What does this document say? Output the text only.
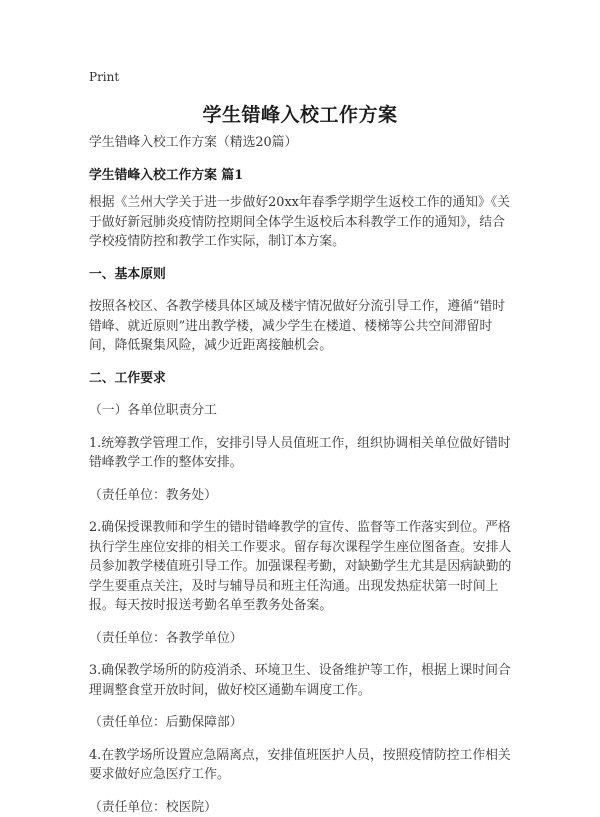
Print
学生错峰入校工作方案

学生错峰入校工作方案（精选20篇）

学生错峰入校工作方案 篇1

根据《兰州大学关于进一步做好20xx年春季学期学生返校工作的通知》《关于做好新冠肺炎疫情防控期间全体学生返校后本科教学工作的通知》，结合学校疫情防控和教学工作实际，制订本方案。

一、基本原则

按照各校区、各教学楼具体区域及楼宇情况做好分流引导工作，遵循“错时错峰、就近原则”进出教学楼，减少学生在楼道、楼梯等公共空间滞留时间，降低聚集风险，减少近距离接触机会。

二、工作要求

（一）各单位职责分工

1.统筹教学管理工作，安排引导人员值班工作，组织协调相关单位做好错时错峰教学工作的整体安排。

（责任单位：教务处）

2.确保授课教师和学生的错时错峰教学的宣传、监督等工作落实到位。严格执行学生座位安排的相关工作要求。留存每次课程学生座位图备查。安排人员参加教学楼值班引导工作。加强课程考勤，对缺勤学生尤其是因病缺勤的学生要重点关注，及时与辅导员和班主任沟通。出现发热症状第一时间上报。每天按时报送考勤名单至教务处备案。

（责任单位：各教学单位）

3.确保教学场所的防疫消杀、环境卫生、设备维护等工作，根据上课时间合理调整食堂开放时间，做好校区通勤车调度工作。

（责任单位：后勤保障部）

4.在教学场所设置应急隔离点，安排值班医护人员，按照疫情防控工作相关要求做好应急医疗工作。

（责任单位：校医院）
